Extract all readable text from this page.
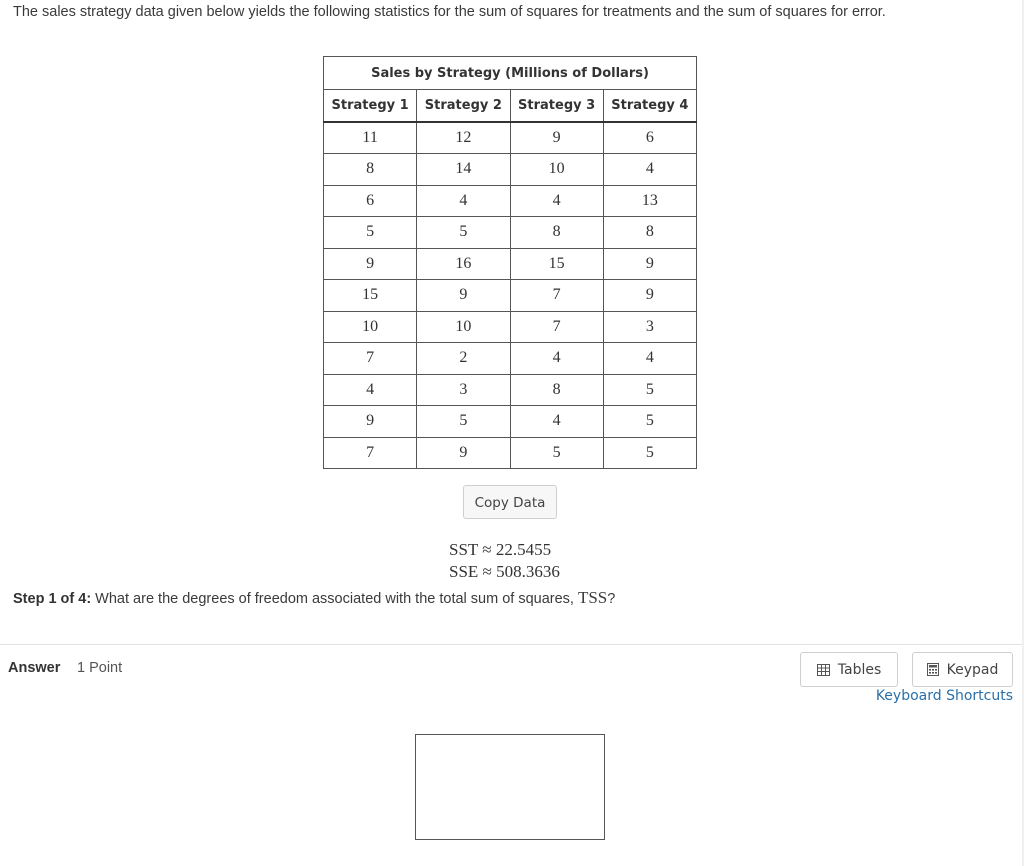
The sales strategy data given below yields the following statistics for the sum of squares for treatments and the sum of squares for error.
Sales by Strategy (Millions of Dollars)			
Strategy 1	Strategy 2	Strategy 3	Strategy 4
11	12	9	6
8	14	10	4
6	4	4	13
5	5	8	8
9	16	15	9
15	9	7	9
10	10	7	3
7	2	4	4
4	3	8	5
9	5	4	5
7	9	5	5
Copy Data
SST ≈ 22.5455
SSE ≈ 508.3636
Step 1 of 4: What are the degrees of freedom associated with the total sum of squares, TSS?
Answer 1 Point	Tables	Keypad
Keyboard Shortcuts
